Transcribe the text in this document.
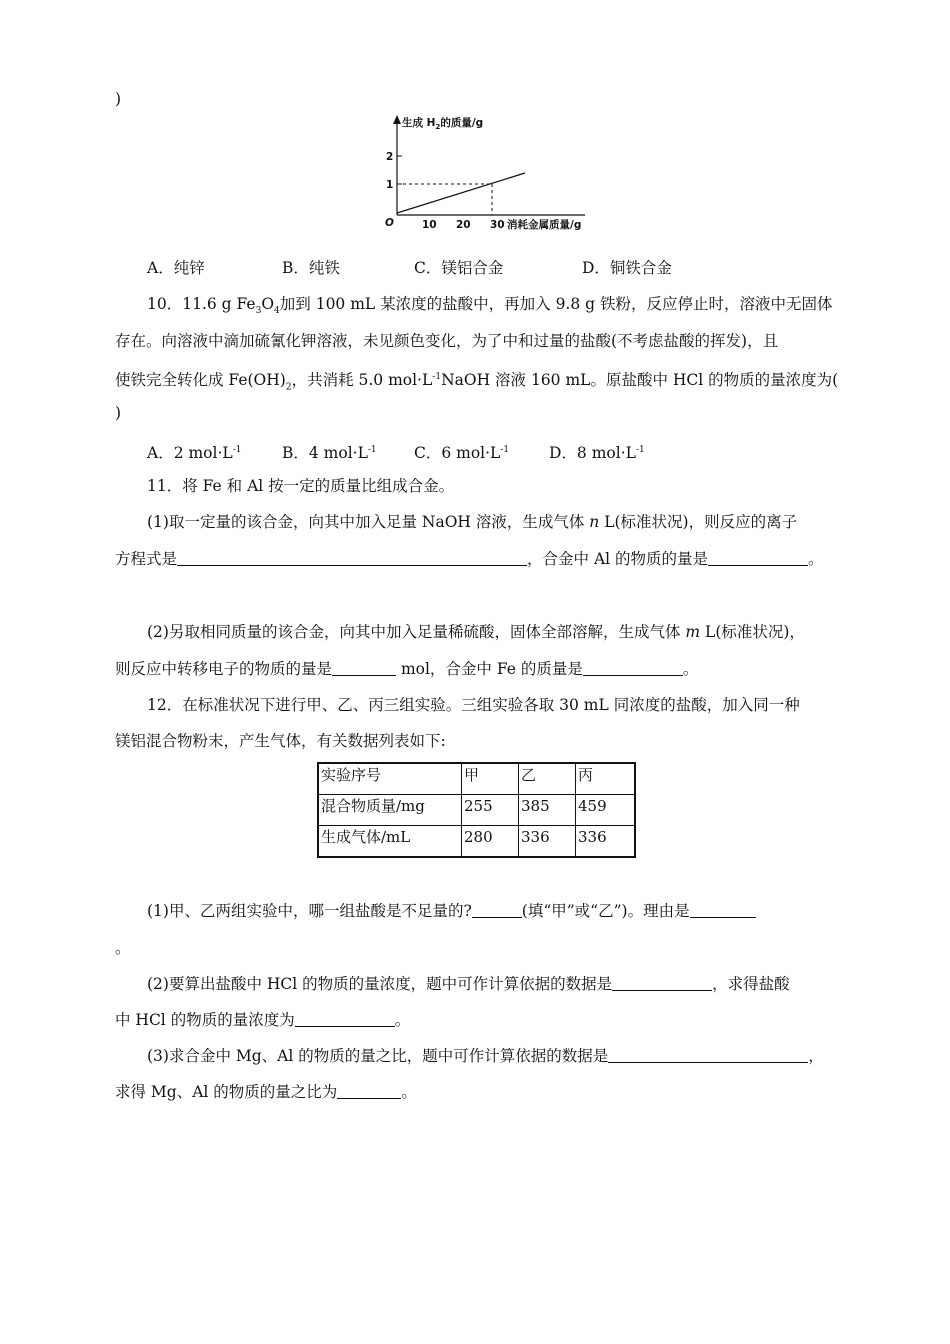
)
生成 $H_2$的质量/g
2
1
O	10 20 30 消耗金属质量/g
A．纯锌	B．纯铁	C．镁铝合金	D．铜铁合金
10．11.6 g $Fe_3O_4$加到 100 mL 某浓度的盐酸中，再加入 9.8 g 铁粉，反应停止时，溶液中无固体
存在。向溶液中滴加硫氰化钾溶液，未见颜色变化，为了中和过量的盐酸(不考虑盐酸的挥发)，且
使铁完全转化成 $Fe(OH)_2$，共消耗 5.0 $mol\cdot L^{-1}NaOH$ 溶液 160 mL。原盐酸中 HCl 的物质的量浓度为(
)
A．2 $mol\cdot L^{-1}$	B．4 $mol\cdot L^{-1}$ C．6 $mol\cdot L^{-1}$	D．8 $mol\cdot L^{-1}$
11．将 Fe 和 Al 按一定的质量比组成合金。
(1)取一定量的该合金，向其中加入足量 NaOH 溶液，生成气体 n L(标准状况)，则反应的离子
方程式是	，合金中 Al 的物质的量是	。
(2)另取相同质量的该合金，向其中加入足量稀硫酸，固体全部溶解，生成气体 m L(标准状况)，
则反应中转移电子的物质的量是	mol，合金中 Fe 的质量是	。
12．在标准状况下进行甲、乙、丙三组实验。三组实验各取 30 mL 同浓度的盐酸，加入同一种
镁铝混合物粉末，产生气体，有关数据列表如下:
实验序号	甲	乙	丙
混合物质量/mg	255	385	459
生成气体/mL	280	336	336
(1)甲、乙两组实验中，哪一组盐酸是不足量的?	(填“甲”或“乙”)。理由是
。
(2)要算出盐酸中 HCl 的物质的量浓度，题中可作计算依据的数据是	，求得盐酸
中 HCl 的物质的量浓度为	。
(3)求合金中 Mg、Al 的物质的量之比，题中可作计算依据的数据是	，
求得 Mg、Al 的物质的量之比为	。
